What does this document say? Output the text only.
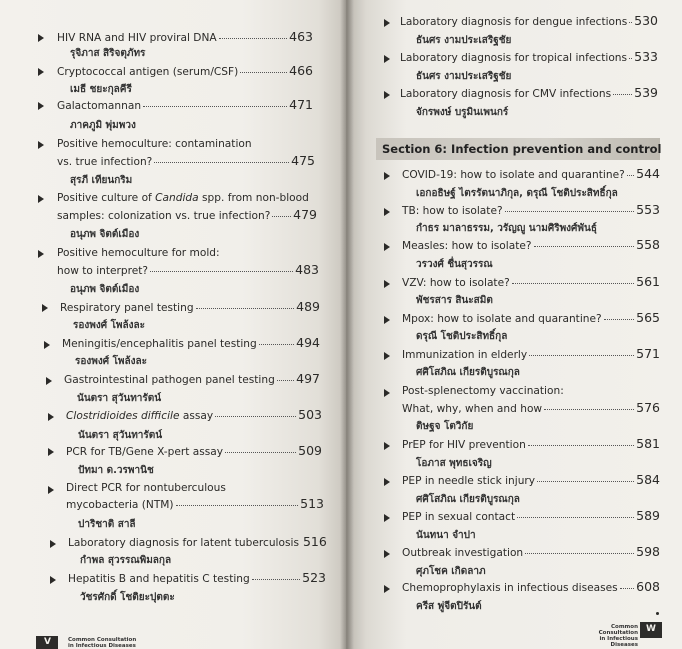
HIV RNA and HIV proviral DNA	463
รุจิภาส สิริจตุภัทร
Cryptococcal antigen (serum/CSF)	466
เมธี ชยะกุลคีรี
Galactomannan	471
ภาคภูมิ พุ่มพวง
Positive hemoculture: contamination
vs. true infection?	475
สุรภี เทียนกริม
Positive culture of Candida spp. from non-blood
samples: colonization vs. true infection? 479
อนุภพ จิตต์เมือง
Positive hemoculture for mold:
how to interpret?	483
อนุภพ จิตต์เมือง
Respiratory panel testing	489
รองพงศ์ โพล้งละ
Meningitis/encephalitis panel testing	494
รองพงศ์ โพล้งละ
Gastrointestinal pathogen panel testing 497
นันตรา สุวันทารัตน์
Clostridioides difficile assay	503
นันตรา สุวันทารัตน์
PCR for TB/Gene X-pert assay	509
ปัทมา ด.วรพานิช
Direct PCR for nontuberculous
mycobacteria (NTM)	513
ปาริชาติ สาลี
Laboratory diagnosis for latent tuberculosis 516
กำพล สุวรรณพิมลกุล
Hepatitis B and hepatitis C testing	523
วัชรศักดิ์ โชติยะปุตตะ
V	Common Consultation
in Infectious Diseases
Laboratory diagnosis for dengue infections 530
ธันศร งามประเสริฐชัย
Laboratory diagnosis for tropical infections 533
ธันศร งามประเสริฐชัย
Laboratory diagnosis for CMV infections 539
จักรพงษ์ บรูมินเพนกร์
Section 6: Infection prevention and control
COVID-19: how to isolate and quarantine? 544
เอกอธิษฐ์ ไตรรัตนาภิกุล, ดรุณี โชติประสิทธิ์กุล
TB: how to isolate?	553
กำธร มาลาธรรม, วรัญญู นามศิริพงศ์พันธุ์
Measles: how to isolate?	558
วรวงศ์ ชื่นสุวรรณ
VZV: how to isolate?	561
พัชรสาร สินะสมิต
Mpox: how to isolate and quarantine?	565
ดรุณี โชติประสิทธิ์กุล
Immunization in elderly	571
ศศิโสภิณ เกียรติบูรณกุล
Post-splenectomy vaccination:
What, why, when and how	576
ติษฐจ โตวิกัย
PrEP for HIV prevention	581
โอภาส พุทธเจริญ
PEP in needle stick injury	584
ศศิโสภิณ เกียรติบูรณกุล
PEP in sexual contact	589
นันทนา จำปา
Outbreak investigation	598
ศุภโชค เกิดลาภ
Chemoprophylaxis in infectious diseases 608
ครีส พู่จีตปิรันต์
Common Consultation
in Infectious Diseases
W
